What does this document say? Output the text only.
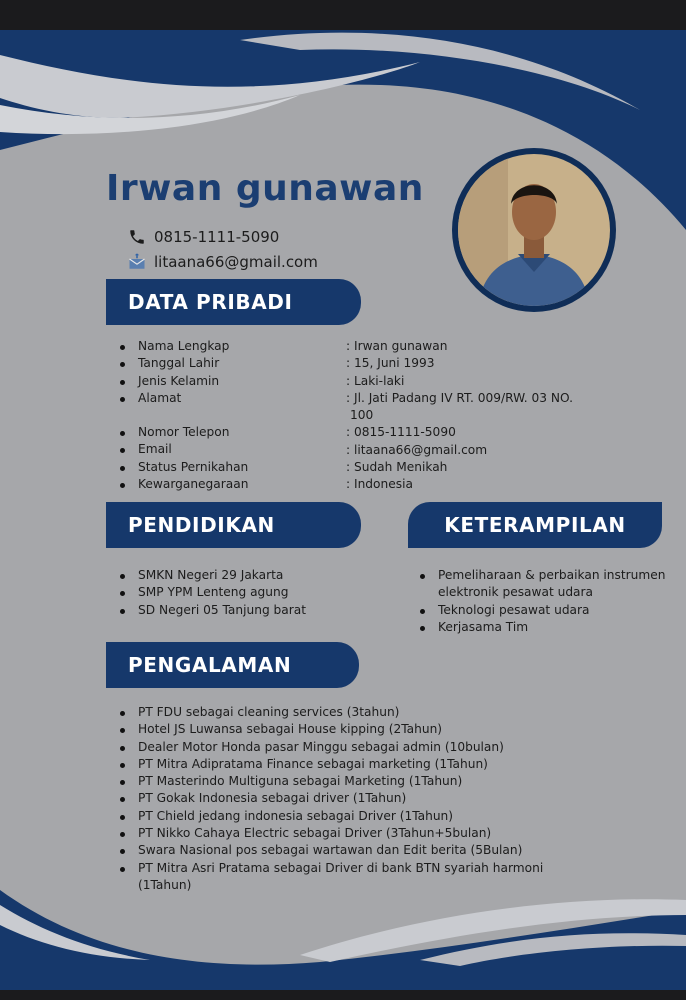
Irwan gunawan
0815-1111-5090
litaana66@gmail.com
DATA PRIBADI
Nama Lengkap
Tanggal Lahir
Jenis Kelamin
Alamat
Nomor Telepon
Email
Status Pernikahan
Kewarganegaraan
: Irwan gunawan
: 15, Juni 1993
: Laki-laki
: Jl. Jati Padang IV RT. 009/RW. 03 NO.
100
: 0815-1111-5090
: litaana66@gmail.com
: Sudah Menikah
: Indonesia
PENDIDIKAN
SMKN Negeri 29 Jakarta
SMP YPM Lenteng agung
SD Negeri 05 Tanjung barat
KETERAMPILAN
Pemeliharaan & perbaikan instrumen
elektronik pesawat udara
Teknologi pesawat udara
Kerjasama Tim
PENGALAMAN
PT FDU sebagai cleaning services (3tahun)
Hotel JS Luwansa sebagai House kipping (2Tahun)
Dealer Motor Honda pasar Minggu sebagai admin (10bulan)
PT Mitra Adipratama Finance sebagai marketing (1Tahun)
PT Masterindo Multiguna sebagai Marketing (1Tahun)
PT Gokak Indonesia sebagai driver (1Tahun)
PT Chield jedang indonesia sebagai Driver (1Tahun)
PT Nikko Cahaya Electric sebagai Driver (3Tahun+5bulan)
Swara Nasional pos sebagai wartawan dan Edit berita (5Bulan)
PT Mitra Asri Pratama sebagai Driver di bank BTN syariah harmoni
(1Tahun)
